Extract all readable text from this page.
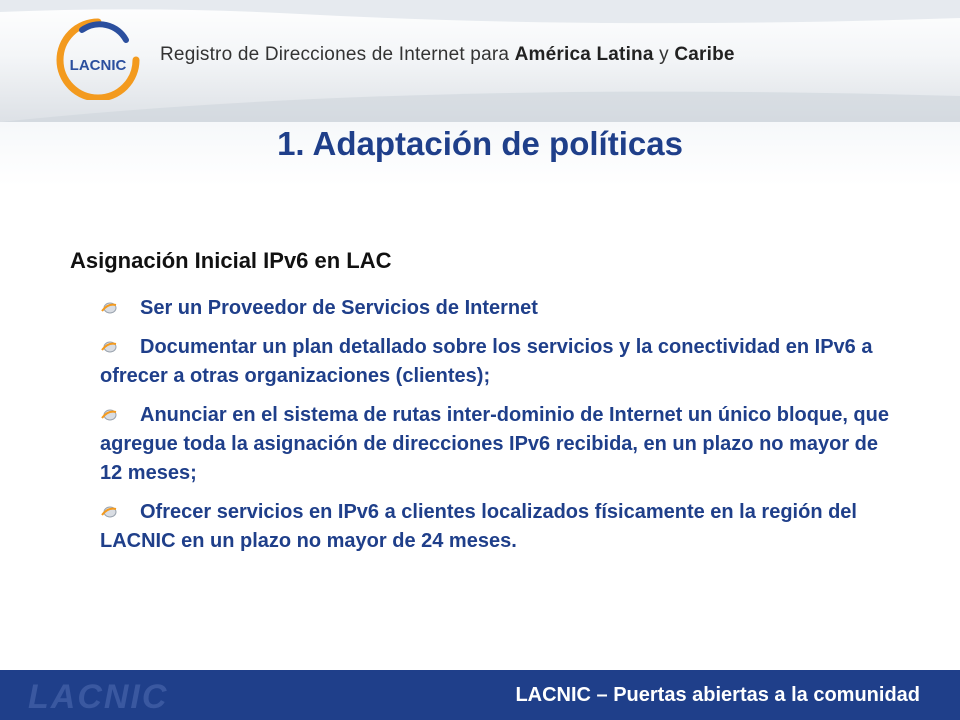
LACNIC
Registro de Direcciones de Internet para América Latina y Caribe
1. Adaptación de políticas
Asignación Inicial IPv6 en LAC
Ser un Proveedor de Servicios de Internet
Documentar un plan detallado sobre los servicios y la conectividad en IPv6 a ofrecer a otras organizaciones (clientes);
Anunciar en el sistema de rutas inter-dominio de Internet un único bloque, que agregue toda la asignación de direcciones IPv6 recibida, en un plazo no mayor de 12 meses;
Ofrecer servicios en IPv6 a clientes localizados físicamente en la región del LACNIC en un plazo no mayor de 24 meses.
LACNIC	LACNIC – Puertas abiertas a la comunidad
